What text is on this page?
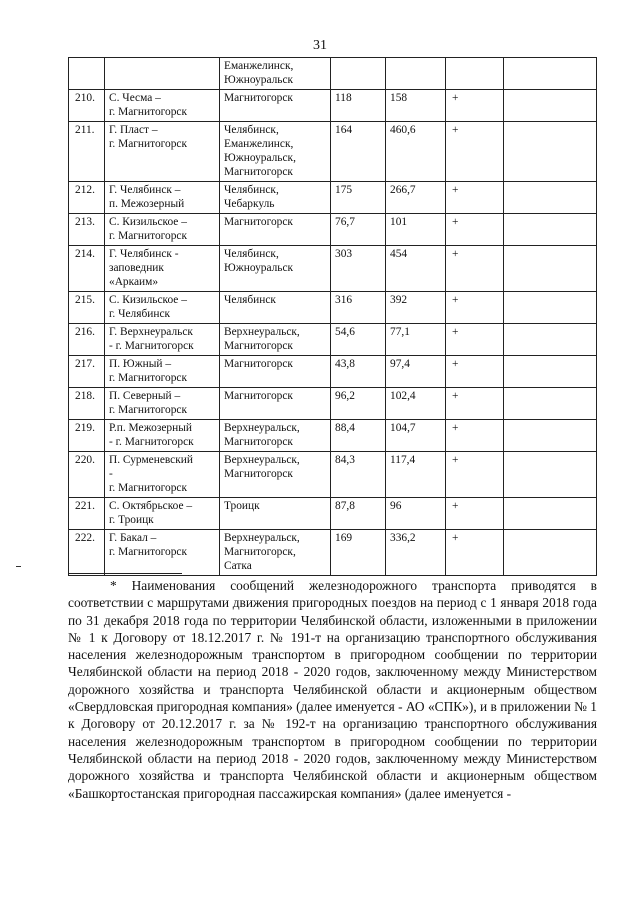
31
		Еманжелинск,
Южноуральск				
210.	С. Чесма –
г. Магнитогорск	Магнитогорск	118	158	+	
211.	Г. Пласт –
г. Магнитогорск	Челябинск,
Еманжелинск,
Южноуральск,
Магнитогорск	164	460,6	+	
212.	Г. Челябинск –
п. Межозерный	Челябинск,
Чебаркуль	175	266,7	+	
213.	С. Кизильское –
г. Магнитогорск	Магнитогорск	76,7	101	+	
214.	Г. Челябинск -
заповедник
«Аркаим»	Челябинск,
Южноуральск	303	454	+	
215.	С. Кизильское –
г. Челябинск	Челябинск	316	392	+	
216.	Г. Верхнеуральск
- г. Магнитогорск	Верхнеуральск,
Магнитогорск	54,6	77,1	+	
217.	П. Южный –
г. Магнитогорск	Магнитогорск	43,8	97,4	+	
218.	П. Северный –
г. Магнитогорск	Магнитогорск	96,2	102,4	+	
219.	Р.п. Межозерный
- г. Магнитогорск	Верхнеуральск,
Магнитогорск	88,4	104,7	+	
220.	П. Сурменевский
-
г. Магнитогорск	Верхнеуральск,
Магнитогорск	84,3	117,4	+	
221.	С. Октябрьское –
г. Троицк	Троицк	87,8	96	+	
222.	Г. Бакал –
г. Магнитогорск	Верхнеуральск,
Магнитогорск,
Сатка	169	336,2	+	
* Наименования сообщений железнодорожного транспорта приводятся в соответствии с маршрутами движения пригородных поездов на период с 1 января 2018 года по 31 декабря 2018 года по территории Челябинской области, изложенными в приложении № 1 к Договору от 18.12.2017 г. № 191-т на организацию транспортного обслуживания населения железнодорожным транспортом в пригородном сообщении по территории Челябинской области на период 2018 - 2020 годов, заключенному между Министерством дорожного хозяйства и транспорта Челябинской области и акционерным обществом «Свердловская пригородная компания» (далее именуется - АО «СПК»), и в приложении № 1 к Договору от 20.12.2017 г. за № 192-т на организацию транспортного обслуживания населения железнодорожным транспортом в пригородном сообщении по территории Челябинской области на период 2018 - 2020 годов, заключенному между Министерством дорожного хозяйства и транспорта Челябинской области и акционерным обществом «Башкортостанская пригородная пассажирская компания» (далее именуется -
